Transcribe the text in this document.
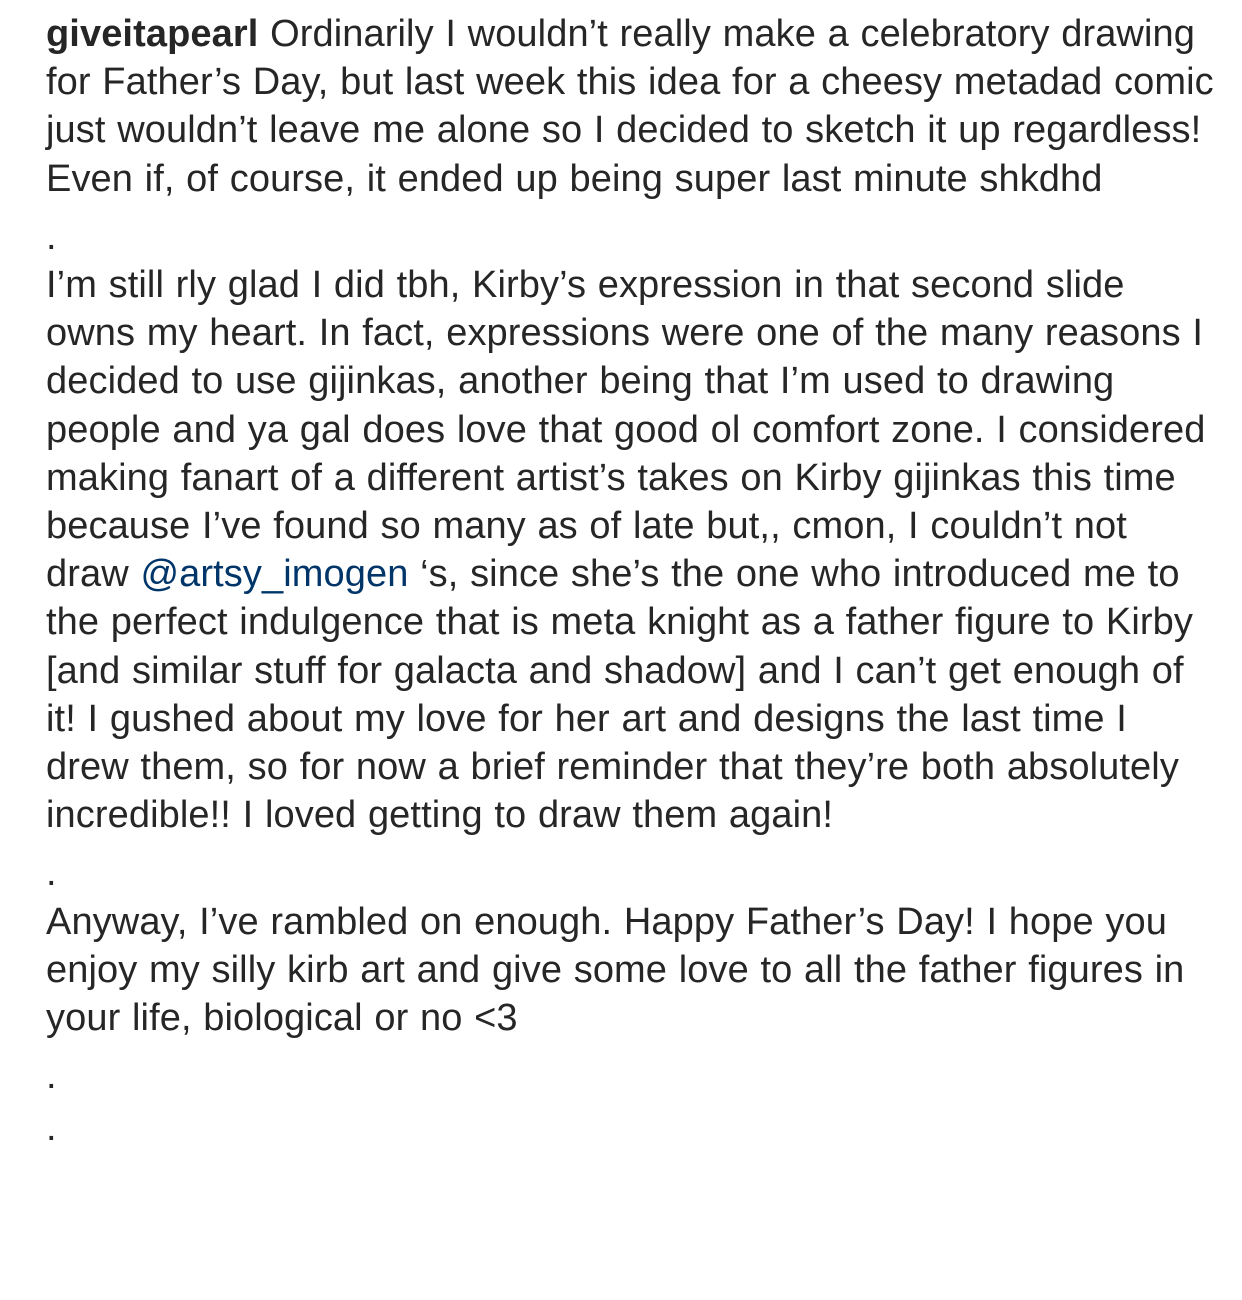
giveitapearl Ordinarily I wouldn’t really make a celebratory drawing for Father’s Day, but last week this idea for a cheesy metadad comic just wouldn’t leave me alone so I decided to sketch it up regardless! Even if, of course, it ended up being super last minute shkdhd

.

I’m still rly glad I did tbh, Kirby’s expression in that second slide owns my heart. In fact, expressions were one of the many reasons I decided to use gijinkas, another being that I’m used to drawing people and ya gal does love that good ol comfort zone. I considered making fanart of a different artist’s takes on Kirby gijinkas this time because I’ve found so many as of late but,, cmon, I couldn’t not draw @artsy_imogen ‘s, since she’s the one who introduced me to the perfect indulgence that is meta knight as a father figure to Kirby [and similar stuff for galacta and shadow] and I can’t get enough of it! I gushed about my love for her art and designs the last time I drew them, so for now a brief reminder that they’re both absolutely incredible!! I loved getting to draw them again!

.

Anyway, I’ve rambled on enough. Happy Father’s Day! I hope you enjoy my silly kirb art and give some love to all the father figures in your life, biological or no <3

.

.
